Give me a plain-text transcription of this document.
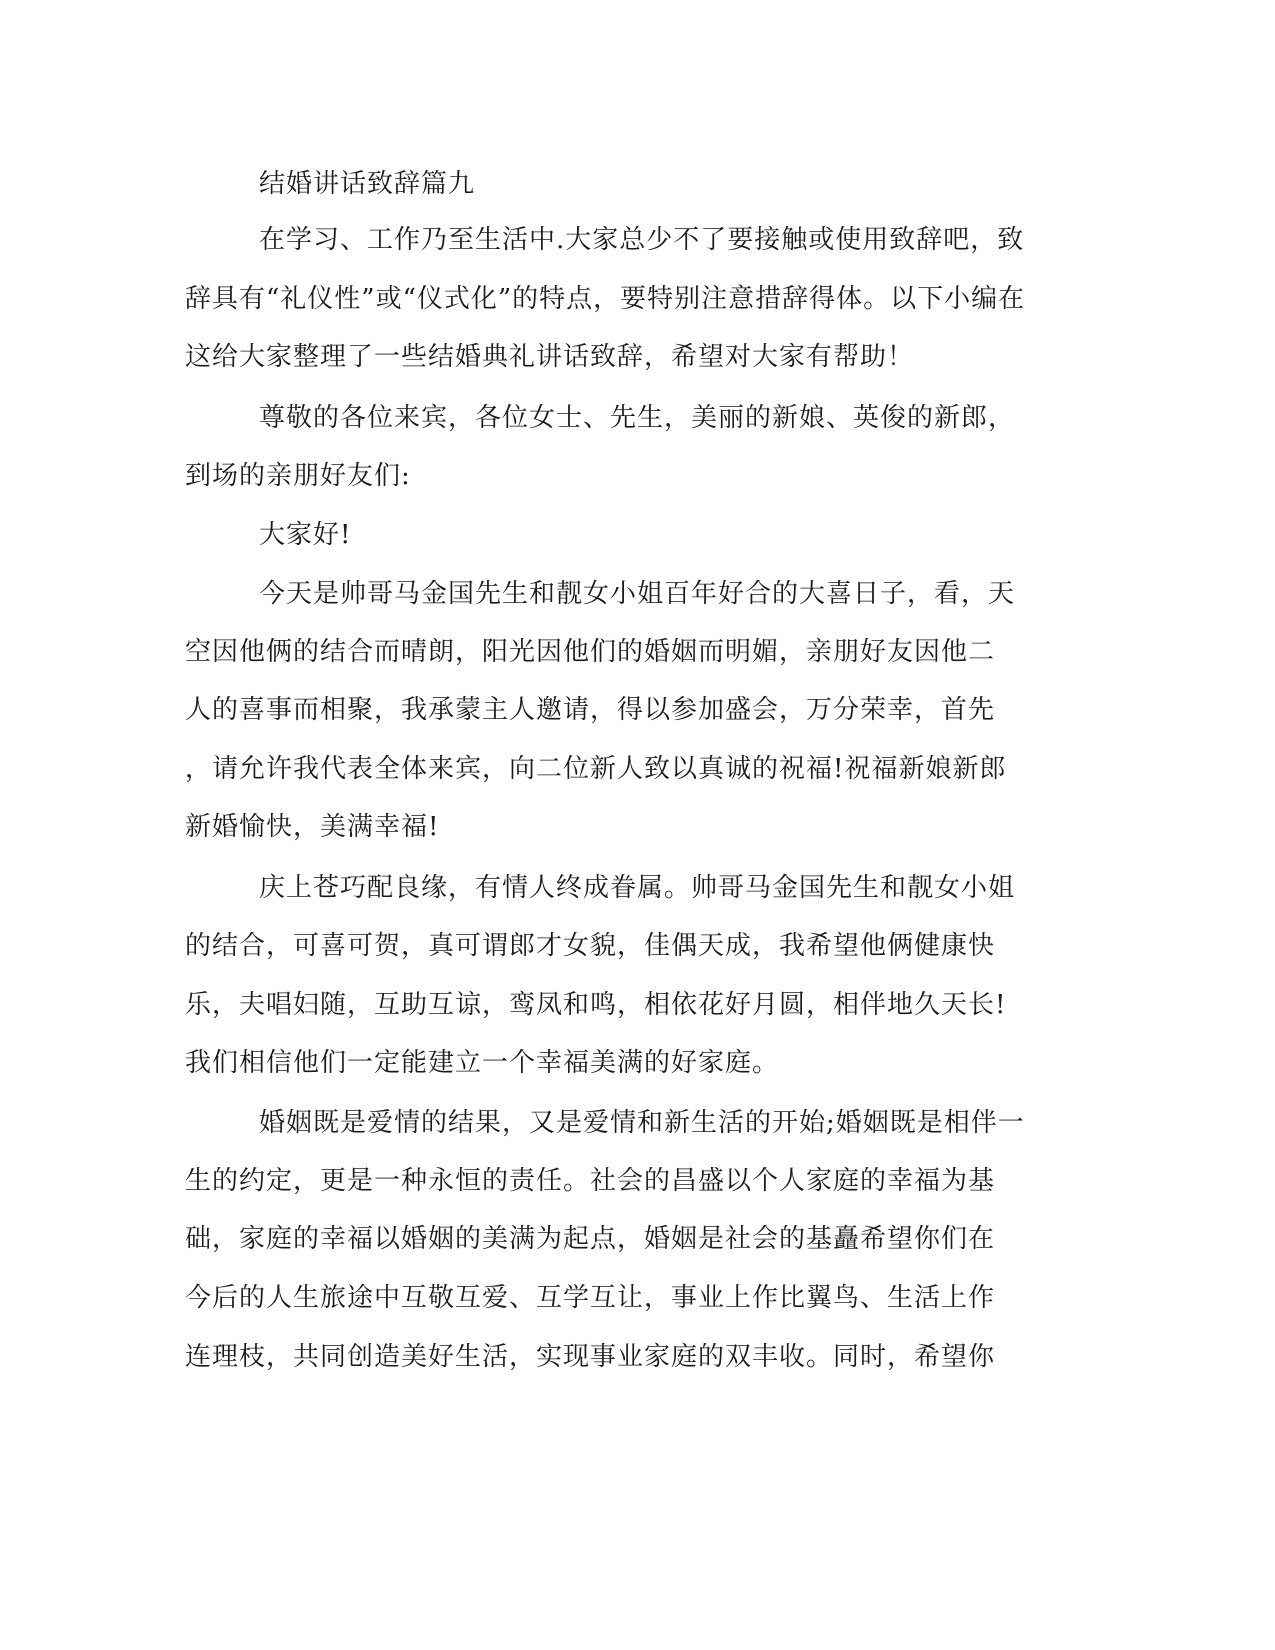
结婚讲话致辞篇九
在学习、工作乃至生活中.大家总少不了要接触或使用致辞吧，致
辞具有“礼仪性”或“仪式化”的特点，要特别注意措辞得体。以下小编在
这给大家整理了一些结婚典礼讲话致辞，希望对大家有帮助！
尊敬的各位来宾，各位女士、先生，美丽的新娘、英俊的新郎，
到场的亲朋好友们:
大家好!
今天是帅哥马金国先生和靓女小姐百年好合的大喜日子，看，天
空因他俩的结合而晴朗，阳光因他们的婚姻而明媚，亲朋好友因他二
人的喜事而相聚，我承蒙主人邀请，得以参加盛会，万分荣幸，首先
，请允许我代表全体来宾，向二位新人致以真诚的祝福!祝福新娘新郎
新婚愉快，美满幸福!
庆上苍巧配良缘，有情人终成眷属。帅哥马金国先生和靓女小姐
的结合，可喜可贺，真可谓郎才女貌，佳偶天成，我希望他俩健康快
乐，夫唱妇随，互助互谅，鸾凤和鸣，相依花好月圆，相伴地久天长!
我们相信他们一定能建立一个幸福美满的好家庭。
婚姻既是爱情的结果，又是爱情和新生活的开始;婚姻既是相伴一
生的约定，更是一种永恒的责任。社会的昌盛以个人家庭的幸福为基
础，家庭的幸福以婚姻的美满为起点，婚姻是社会的基矗希望你们在
今后的人生旅途中互敬互爱、互学互让，事业上作比翼鸟、生活上作
连理枝，共同创造美好生活，实现事业家庭的双丰收。同时，希望你
